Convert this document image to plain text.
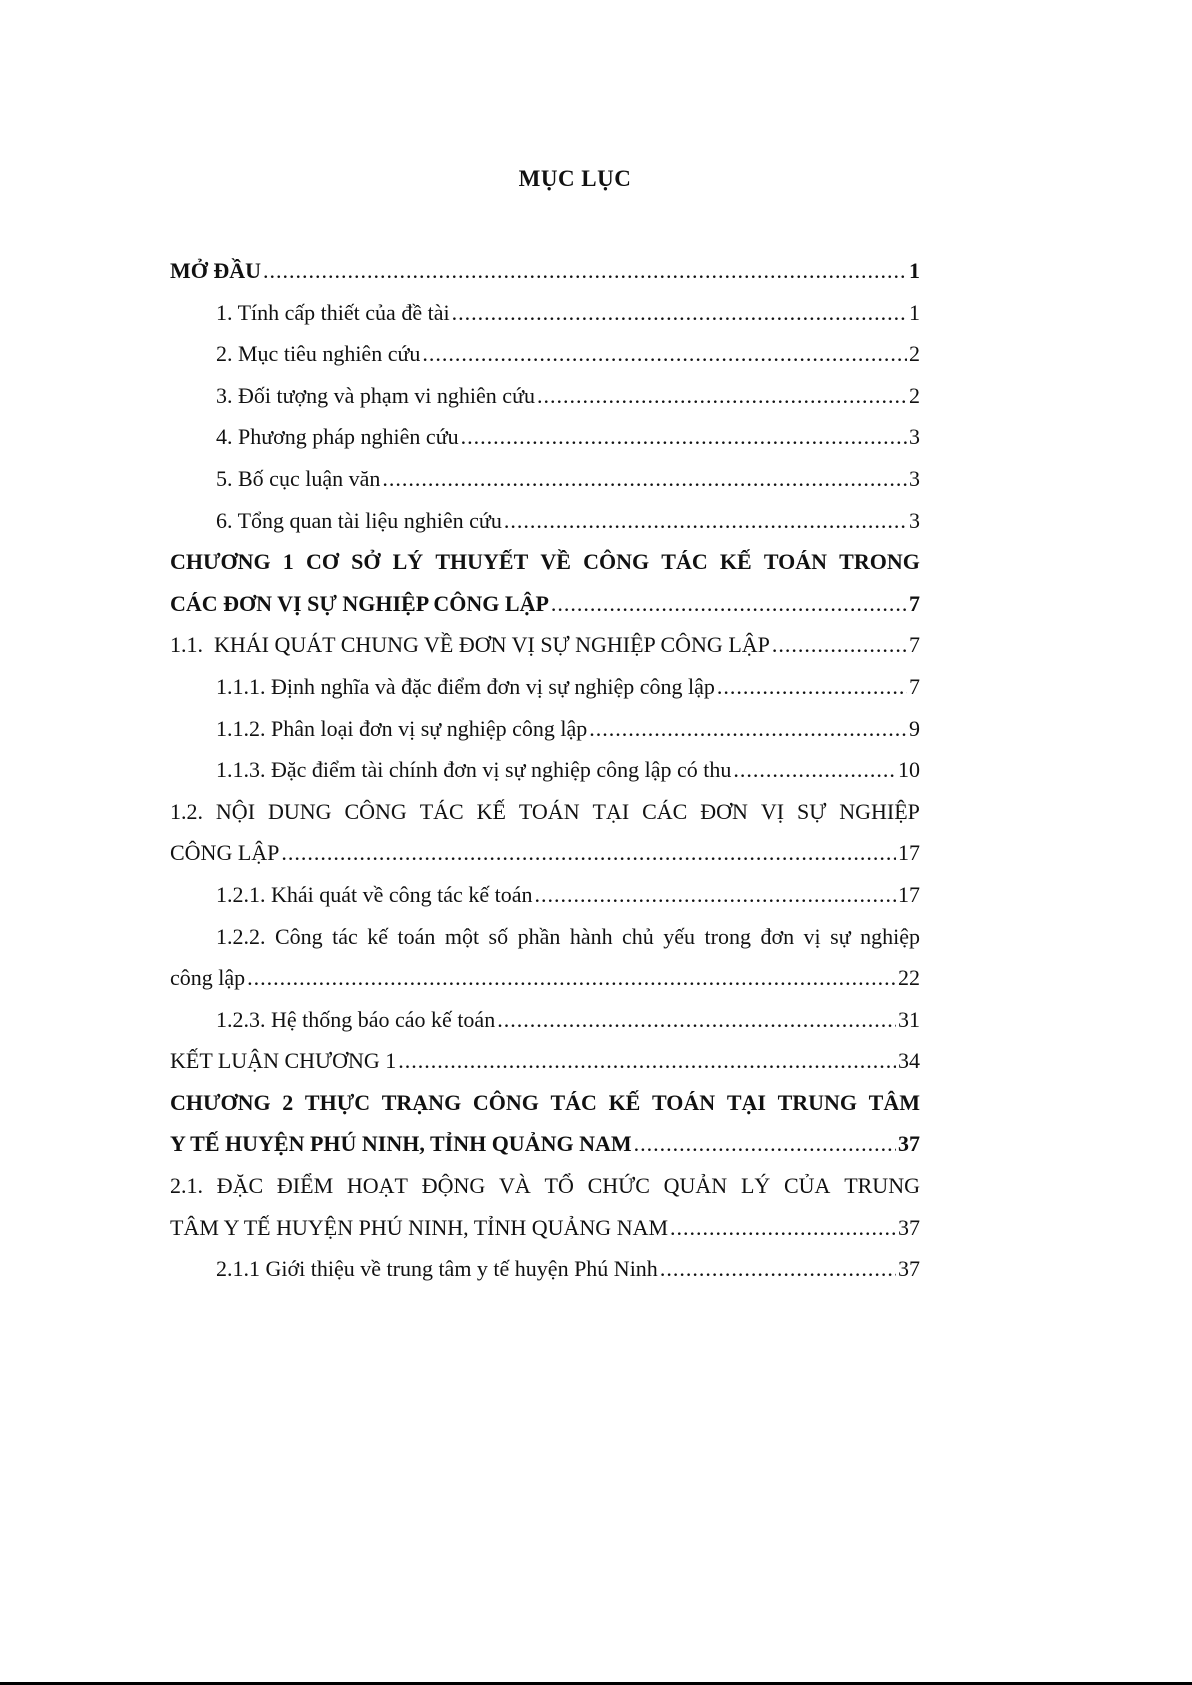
MỤC LỤC
MỞ ĐẦU .....	1
1. Tính cấp thiết của đề tài .....	1
2. Mục tiêu nghiên cứu .....	2
3. Đối tượng và phạm vi nghiên cứu .....	2
4. Phương pháp nghiên cứu .....	3
5. Bố cục luận văn .....	3
6. Tổng quan tài liệu nghiên cứu .....	3
CHƯƠNG 1 CƠ SỞ LÝ THUYẾT VỀ CÔNG TÁC KẾ TOÁN TRONG
CÁC ĐƠN VỊ SỰ NGHIỆP CÔNG LẬP .....	7
1.1.  KHÁI QUÁT CHUNG VỀ ĐƠN VỊ SỰ NGHIỆP CÔNG LẬP .....	7
1.1.1. Định nghĩa và đặc điểm đơn vị sự nghiệp công lập .....	7
1.1.2. Phân loại đơn vị sự nghiệp công lập .....	9
1.1.3. Đặc điểm tài chính đơn vị sự nghiệp công lập có thu .....	10
1.2. NỘI DUNG CÔNG TÁC KẾ TOÁN TẠI CÁC ĐƠN VỊ SỰ NGHIỆP
CÔNG LẬP .....	17
1.2.1. Khái quát về công tác kế toán .....	17
1.2.2. Công tác kế toán một số phần hành chủ yếu trong đơn vị sự nghiệp
công lập .....	22
1.2.3. Hệ thống báo cáo kế toán .....	31
KẾT LUẬN CHƯƠNG 1 .....	34
CHƯƠNG 2 THỰC TRẠNG CÔNG TÁC KẾ TOÁN TẠI TRUNG TÂM
Y TẾ HUYỆN PHÚ NINH, TỈNH QUẢNG NAM .....	37
2.1. ĐẶC ĐIỂM HOẠT ĐỘNG VÀ TỔ CHỨC QUẢN LÝ CỦA TRUNG
TÂM Y TẾ HUYỆN PHÚ NINH, TỈNH QUẢNG NAM .....	37
2.1.1 Giới thiệu về trung tâm y tế huyện Phú Ninh .....	37
